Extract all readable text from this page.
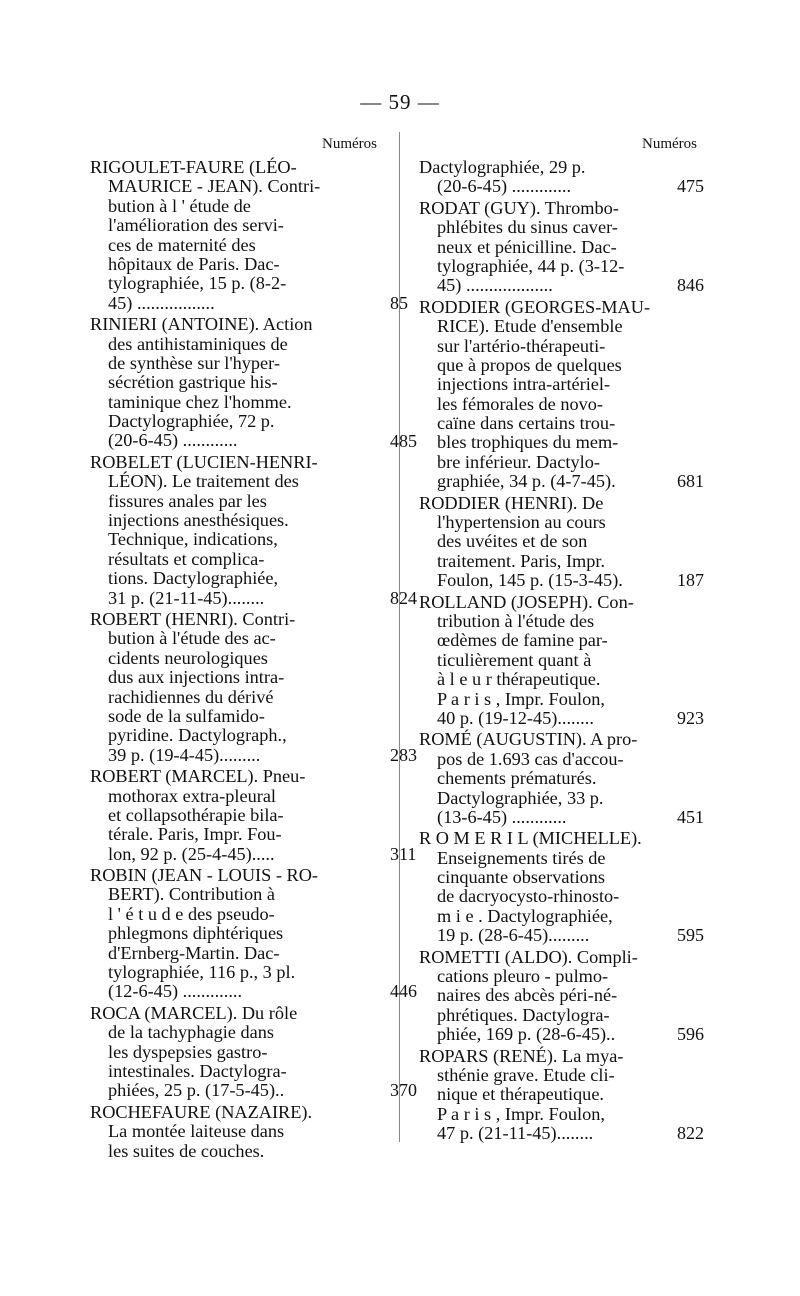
— 59 —
Numéros	Numéros
RIGOULET-FAURE (LÉO-
MAURICE - JEAN). Contri-
bution à l ' étude de
l'amélioration des servi-
ces de maternité des
hôpitaux de Paris. Dac-
tylographiée, 15 p. (8-2-
45) .................	85
RINIERI (ANTOINE). Action
des antihistaminiques de
de synthèse sur l'hyper-
sécrétion gastrique his-
taminique chez l'homme.
Dactylographiée, 72 p.
(20-6-45) ............	485
ROBELET (LUCIEN-HENRI-
LÉON). Le traitement des
fissures anales par les
injections anesthésiques.
Technique, indications,
résultats et complica-
tions. Dactylographiée,
31 p. (21-11-45)........	824
ROBERT (HENRI). Contri-
bution à l'étude des ac-
cidents neurologiques
dus aux injections intra-
rachidiennes du dérivé
sode de la sulfamido-
pyridine. Dactylograph.,
39 p. (19-4-45).........	283
ROBERT (MARCEL). Pneu-
mothorax extra-pleural
et collapsothérapie bila-
térale. Paris, Impr. Fou-
lon, 92 p. (25-4-45).....	311
ROBIN (JEAN - LOUIS - RO-
BERT). Contribution à
l ' é t u d e des pseudo-
phlegmons diphtériques
d'Ernberg-Martin. Dac-
tylographiée, 116 p., 3 pl.
(12-6-45) .............	446
ROCA (MARCEL). Du rôle
de la tachyphagie dans
les dyspepsies gastro-
intestinales. Dactylogra-
phiées, 25 p. (17-5-45)..	370
ROCHEFAURE (NAZAIRE).
La montée laiteuse dans
les suites de couches.
Dactylographiée, 29 p.
(20-6-45) .............	475
RODAT (GUY). Thrombo-
phlébites du sinus caver-
neux et pénicilline. Dac-
tylographiée, 44 p. (3-12-
45) ...................	846
RODDIER (GEORGES-MAU-
RICE). Etude d'ensemble
sur l'artério-thérapeuti-
que à propos de quelques
injections intra-artériel-
les fémorales de novo-
caïne dans certains trou-
bles trophiques du mem-
bre inférieur. Dactylo-
graphiée, 34 p. (4-7-45).	681
RODDIER (HENRI). De
l'hypertension au cours
des uvéites et de son
traitement. Paris, Impr.
Foulon, 145 p. (15-3-45).	187
ROLLAND (JOSEPH). Con-
tribution à l'étude des
œdèmes de famine par-
ticulièrement quant à
à l e u r thérapeutique.
P a r i s , Impr. Foulon,
40 p. (19-12-45)........	923
ROMÉ (AUGUSTIN). A pro-
pos de 1.693 cas d'accou-
chements prématurés.
Dactylographiée, 33 p.
(13-6-45) ............	451
R O M E R I L (MICHELLE).
Enseignements tirés de
cinquante observations
de dacryocysto-rhinosto-
m i e . Dactylographiée,
19 p. (28-6-45).........	595
ROMETTI (ALDO). Compli-
cations pleuro - pulmo-
naires des abcès péri-né-
phrétiques. Dactylogra-
phiée, 169 p. (28-6-45)..	596
ROPARS (RENÉ). La mya-
sthénie grave. Etude cli-
nique et thérapeutique.
P a r i s , Impr. Foulon,
47 p. (21-11-45)........	822
